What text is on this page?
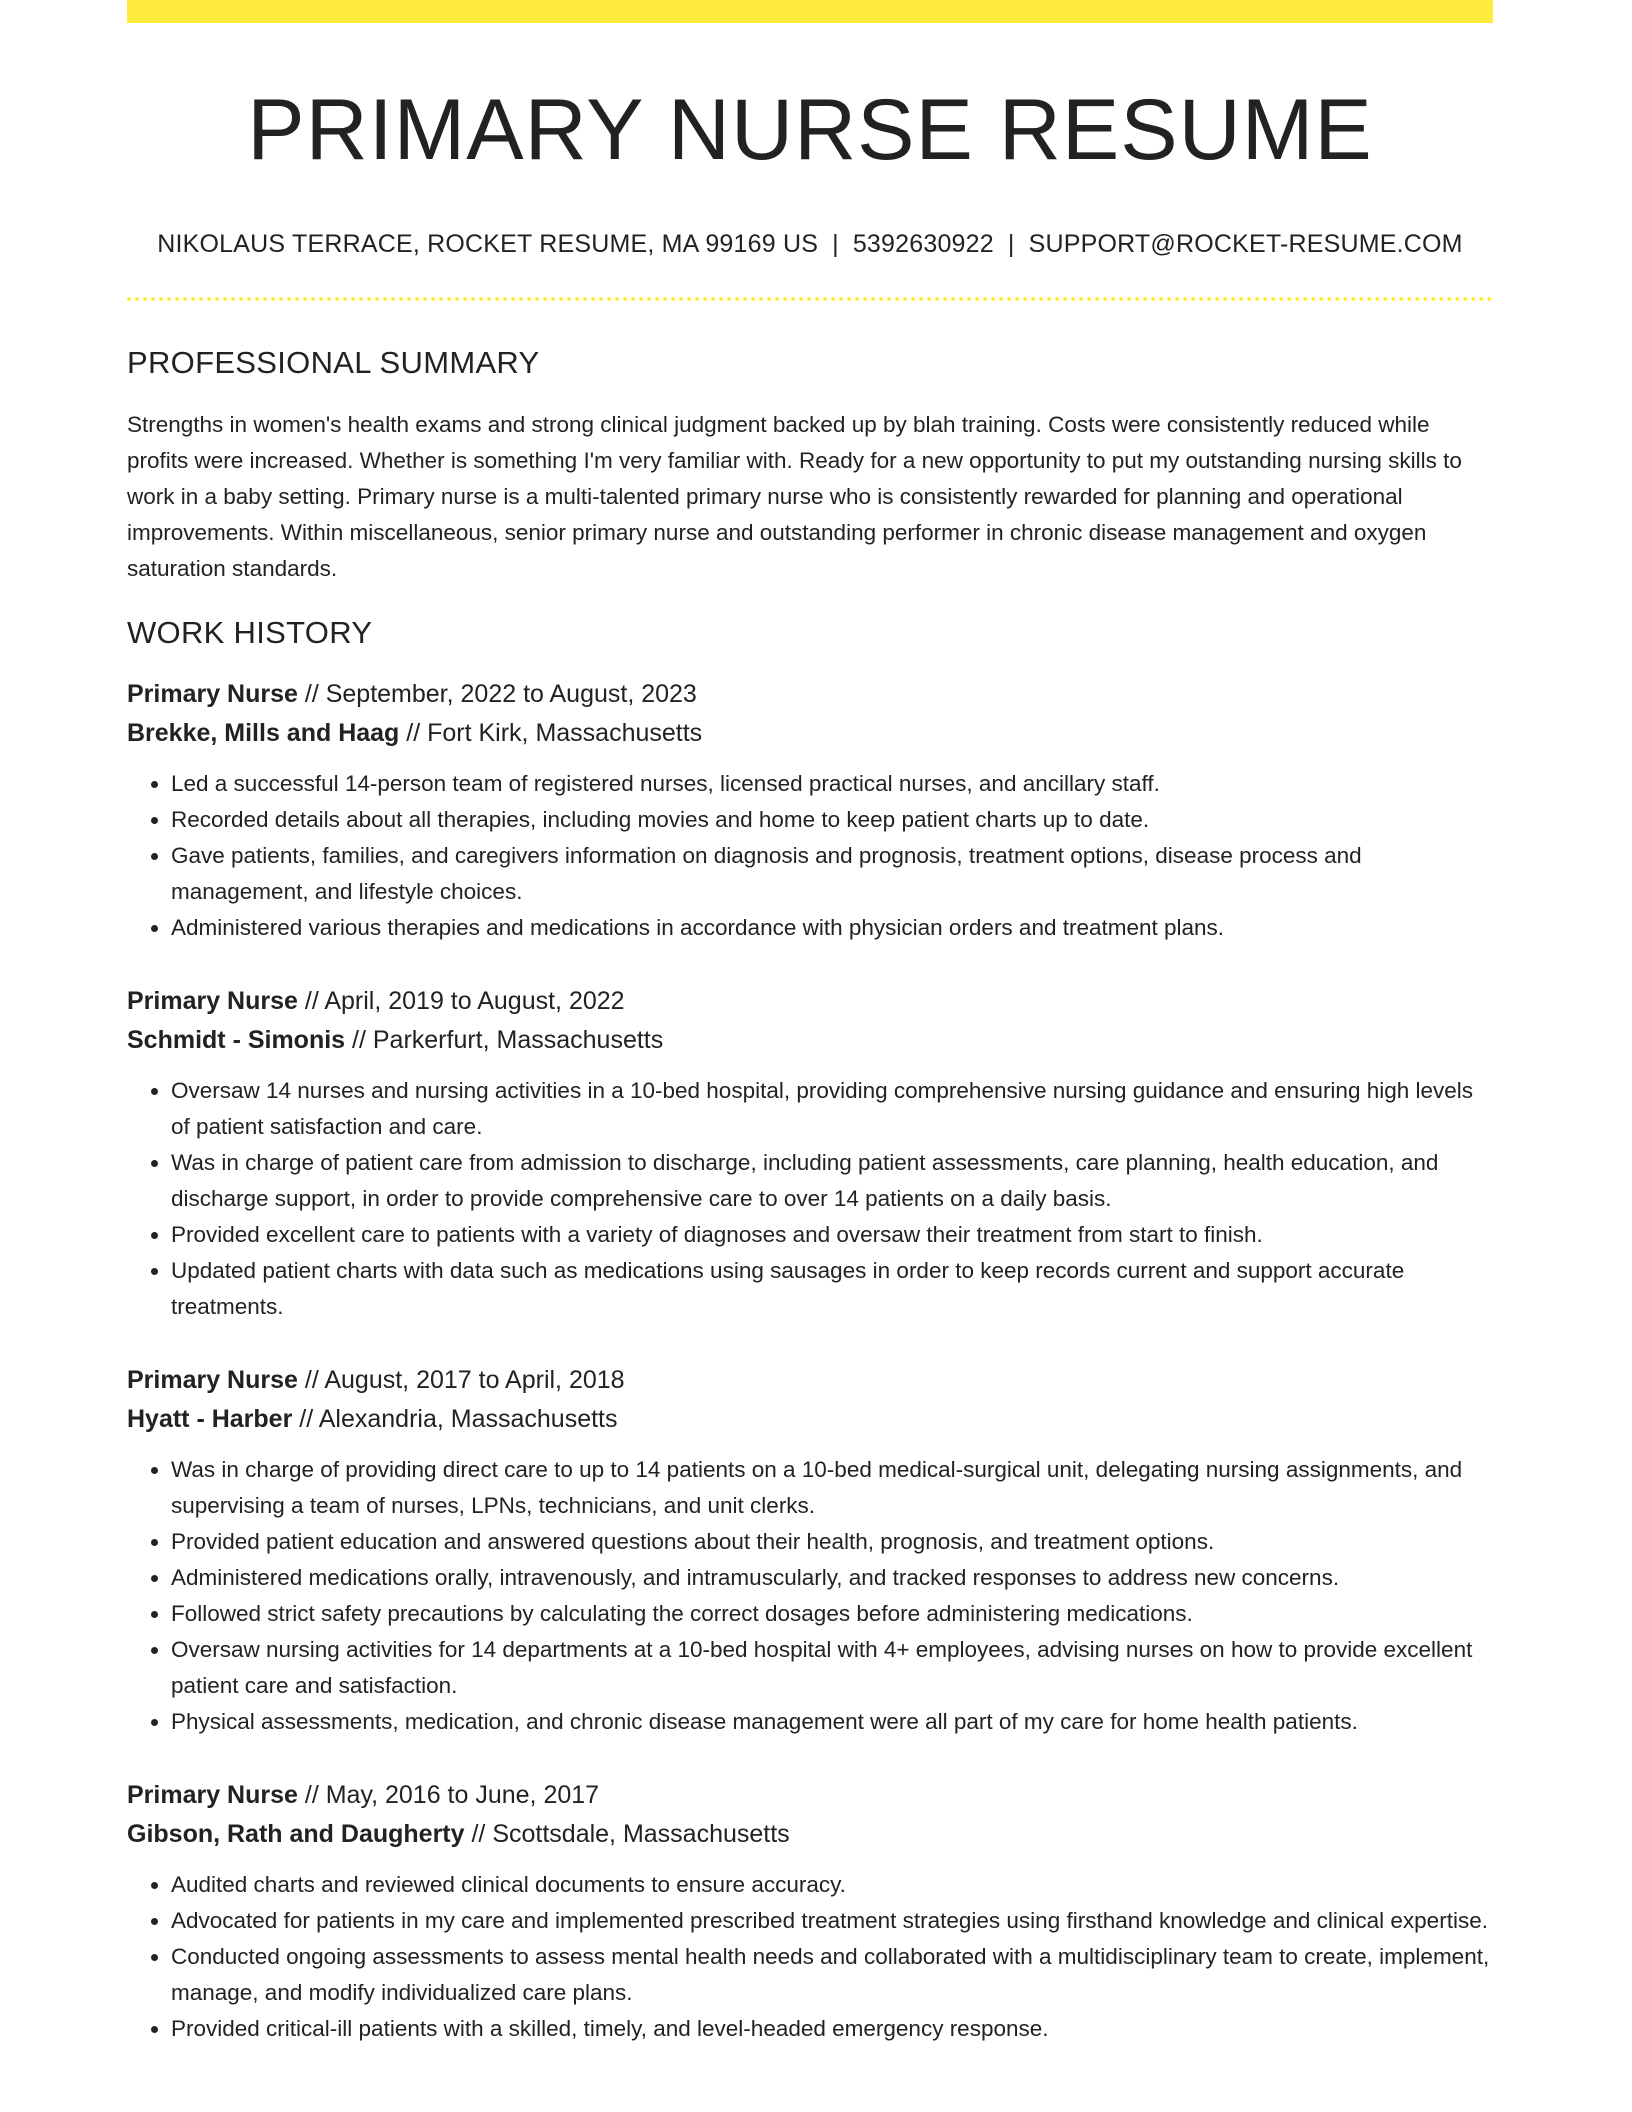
PRIMARY NURSE RESUME
NIKOLAUS TERRACE, ROCKET RESUME, MA 99169 US | 5392630922 | SUPPORT@ROCKET-RESUME.COM
PROFESSIONAL SUMMARY

Strengths in women's health exams and strong clinical judgment backed up by blah training. Costs were consistently reduced while profits were increased. Whether is something I'm very familiar with. Ready for a new opportunity to put my outstanding nursing skills to work in a baby setting. Primary nurse is a multi-talented primary nurse who is consistently rewarded for planning and operational improvements. Within miscellaneous, senior primary nurse and outstanding performer in chronic disease management and oxygen saturation standards.

WORK HISTORY
Primary Nurse // September, 2022 to August, 2023
Brekke, Mills and Haag // Fort Kirk, Massachusetts
• Led a successful 14-person team of registered nurses, licensed practical nurses, and ancillary staff.
• Recorded details about all therapies, including movies and home to keep patient charts up to date.
• Gave patients, families, and caregivers information on diagnosis and prognosis, treatment options, disease process and management, and lifestyle choices.
• Administered various therapies and medications in accordance with physician orders and treatment plans.
Primary Nurse // April, 2019 to August, 2022
Schmidt - Simonis // Parkerfurt, Massachusetts
• Oversaw 14 nurses and nursing activities in a 10-bed hospital, providing comprehensive nursing guidance and ensuring high levels of patient satisfaction and care.
• Was in charge of patient care from admission to discharge, including patient assessments, care planning, health education, and discharge support, in order to provide comprehensive care to over 14 patients on a daily basis.
• Provided excellent care to patients with a variety of diagnoses and oversaw their treatment from start to finish.
• Updated patient charts with data such as medications using sausages in order to keep records current and support accurate treatments.
Primary Nurse // August, 2017 to April, 2018
Hyatt - Harber // Alexandria, Massachusetts
• Was in charge of providing direct care to up to 14 patients on a 10-bed medical-surgical unit, delegating nursing assignments, and supervising a team of nurses, LPNs, technicians, and unit clerks.
• Provided patient education and answered questions about their health, prognosis, and treatment options.
• Administered medications orally, intravenously, and intramuscularly, and tracked responses to address new concerns.
• Followed strict safety precautions by calculating the correct dosages before administering medications.
• Oversaw nursing activities for 14 departments at a 10-bed hospital with 4+ employees, advising nurses on how to provide excellent patient care and satisfaction.
• Physical assessments, medication, and chronic disease management were all part of my care for home health patients.
Primary Nurse // May, 2016 to June, 2017
Gibson, Rath and Daugherty // Scottsdale, Massachusetts
• Audited charts and reviewed clinical documents to ensure accuracy.
• Advocated for patients in my care and implemented prescribed treatment strategies using firsthand knowledge and clinical expertise.
• Conducted ongoing assessments to assess mental health needs and collaborated with a multidisciplinary team to create, implement, manage, and modify individualized care plans.
• Provided critical-ill patients with a skilled, timely, and level-headed emergency response.
